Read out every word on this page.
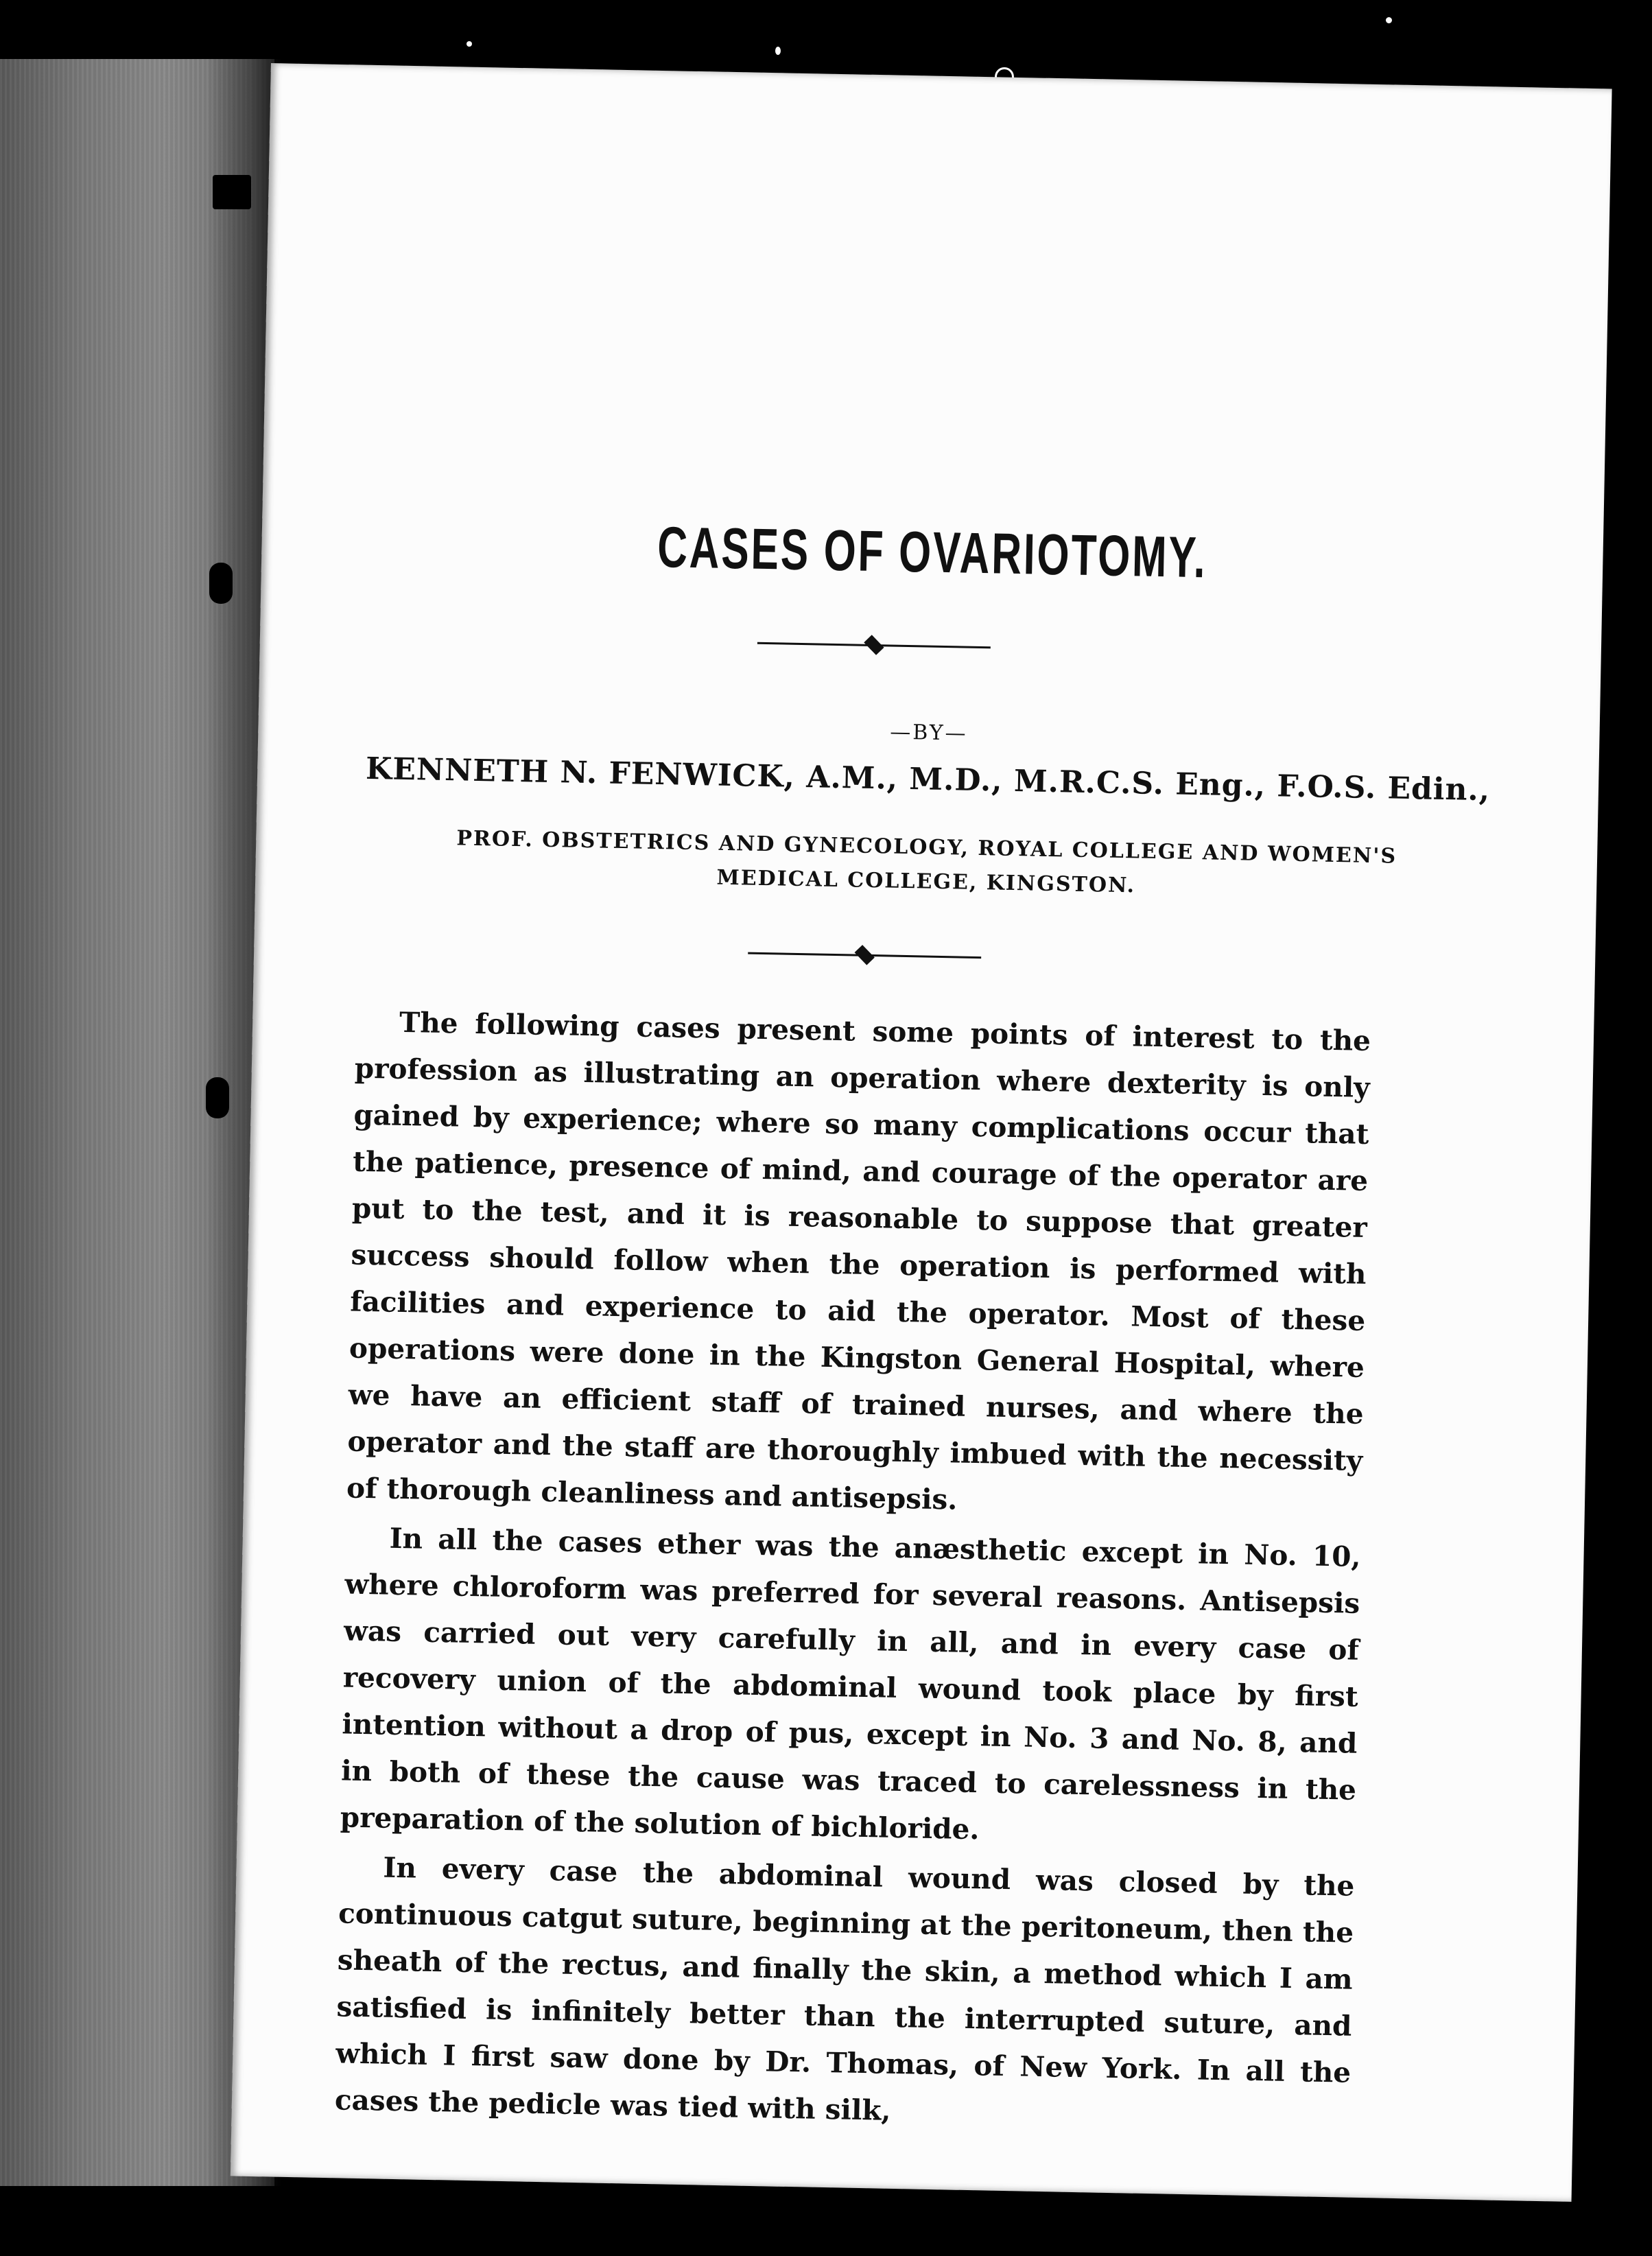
CASES OF OVARIOTOMY.

—BY—

KENNETH N. FENWICK, A.M., M.D., M.R.C.S. Eng., F.O.S. Edin.,

PROF. OBSTETRICS AND GYNECOLOGY, ROYAL COLLEGE AND WOMEN'S
MEDICAL COLLEGE, KINGSTON.

The following cases present some points of interest to the profession as illustrating an operation where dexterity is only gained by experience; where so many complications occur that the patience, presence of mind, and courage of the operator are put to the test, and it is reasonable to suppose that greater success should follow when the operation is performed with facilities and experience to aid the operator. Most of these operations were done in the Kingston General Hospital, where we have an efficient staff of trained nurses, and where the operator and the staff are thoroughly imbued with the necessity of thorough cleanliness and antisepsis.

In all the cases ether was the anæsthetic except in No. 10, where chloroform was preferred for several reasons. Antisepsis was carried out very carefully in all, and in every case of recovery union of the abdominal wound took place by first intention without a drop of pus, except in No. 3 and No. 8, and in both of these the cause was traced to carelessness in the preparation of the solution of bichloride.

In every case the abdominal wound was closed by the continuous catgut suture, beginning at the peritoneum, then the sheath of the rectus, and finally the skin, a method which I am satisfied is infinitely better than the interrupted suture, and which I first saw done by Dr. Thomas, of New York. In all the cases the pedicle was tied with silk,
